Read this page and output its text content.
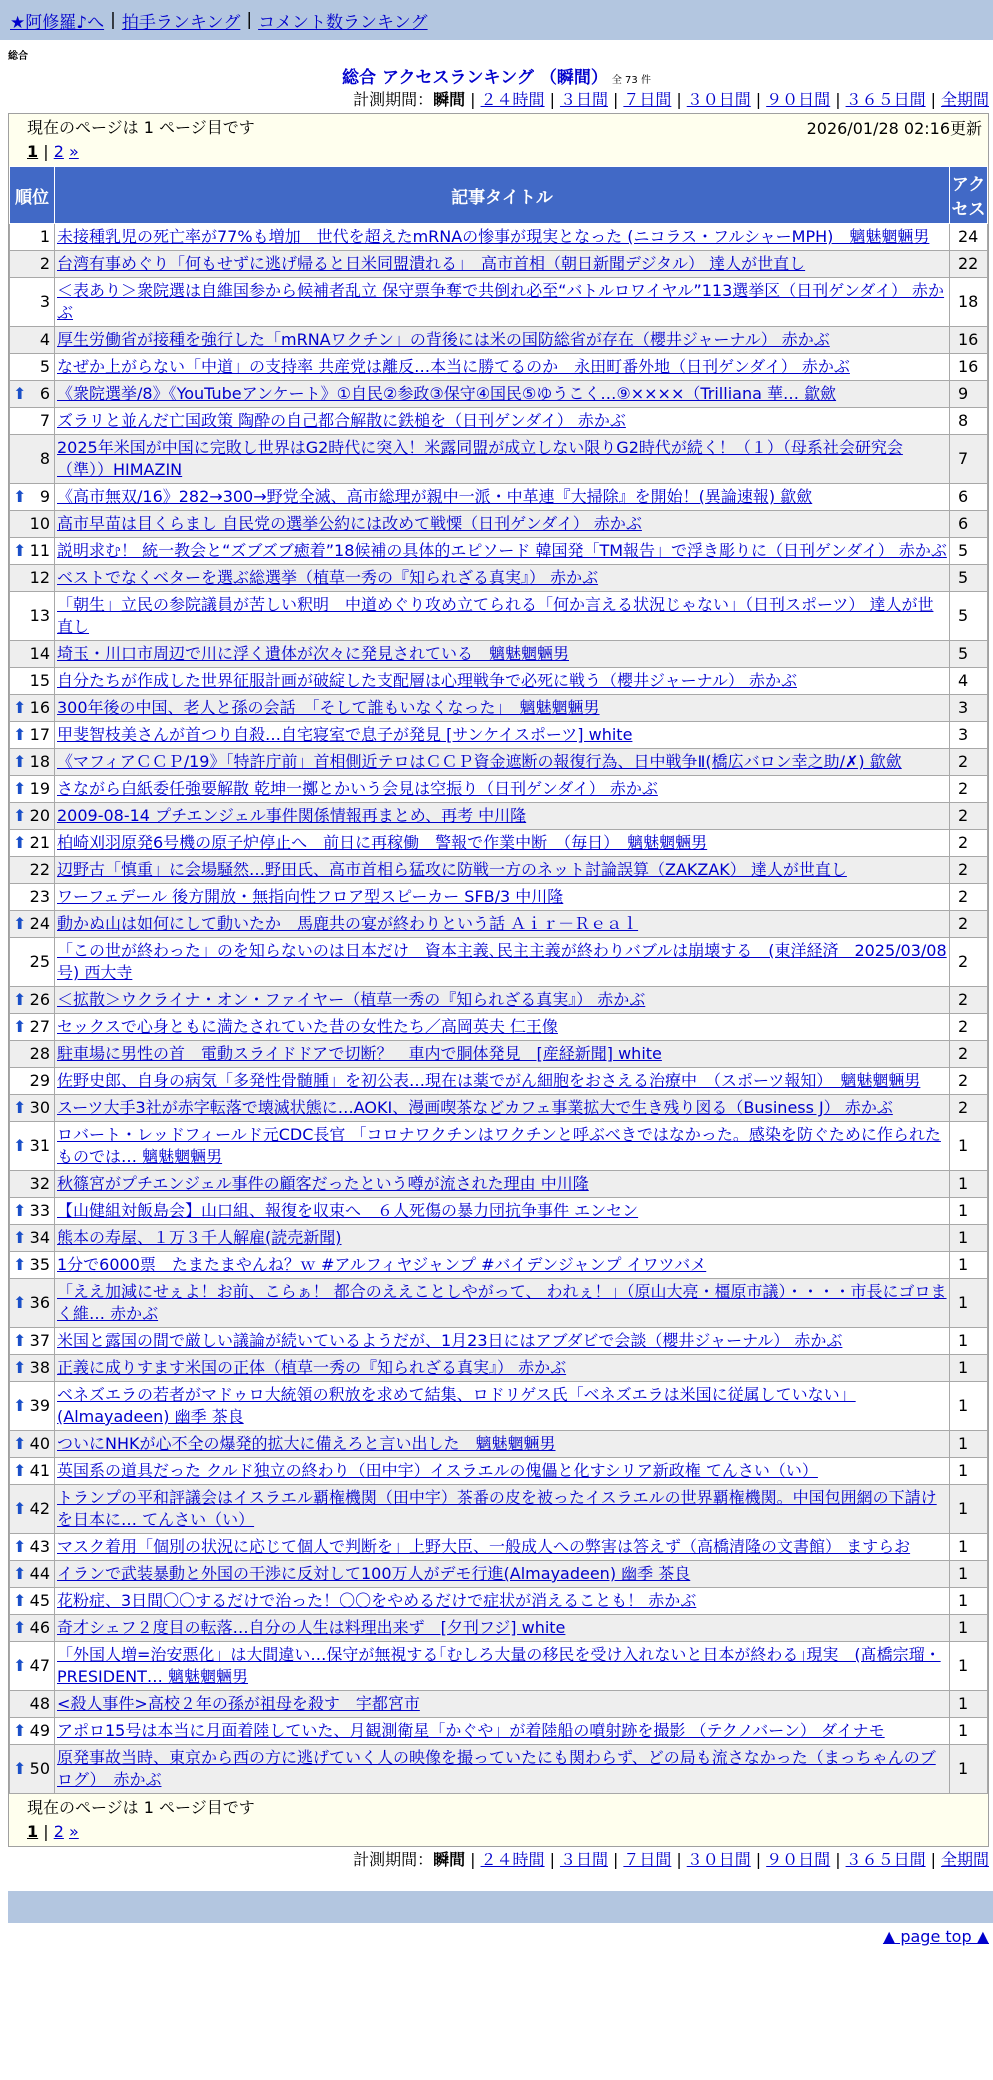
★阿修羅♪へ | 拍手ランキング | コメント数ランキング
総合
総合 アクセスランキング （瞬間） 全 73 件
計測期間：瞬間 | ２４時間 | ３日間 | ７日間 | ３０日間 | ９０日間 | ３６５日間 | 全期間
現在のページは 1 ページ目です	2026/01/28 02:16更新
1 | 2 »
順位	記事タイトル	アクセス
1	未接種乳児の死亡率が77%も増加　世代を超えたmRNAの惨事が現実となった (ニコラス・フルシャーMPH)　魑魅魍魎男	24
2	台湾有事めぐり「何もせずに逃げ帰ると日米同盟潰れる」　高市首相（朝日新聞デジタル） 達人が世直し	22
3	＜表あり＞衆院選は自維国参から候補者乱立 保守票争奪で共倒れ必至“バトルロワイヤル”113選挙区（日刊ゲンダイ） 赤かぶ	18
4	厚生労働省が接種を強行した「mRNAワクチン」の背後には米の国防総省が存在（櫻井ジャーナル） 赤かぶ	16
5	なぜか上がらない「中道」の支持率 共産党は離反…本当に勝てるのか　永田町番外地（日刊ゲンダイ） 赤かぶ	16

⬆ 6	《衆院選挙/8》《YouTubeアンケート》①自民②参政③保守④国民⑤ゆうこく…⑨××××（Trilliana 華… 歙歛	9
7	ズラリと並んだ亡国政策 陶酔の自己都合解散に鉄槌を（日刊ゲンダイ） 赤かぶ	8
8	2025年米国が中国に完敗し世界はG2時代に突入！米露同盟が成立しない限りG2時代が続く！（１）（母系社会研究会（準））HIMAZIN	7

⬆ 9	《高市無双/16》282→300→野党全滅、高市総理が親中一派・中革連『大掃除』を開始！(異論速報) 歙歛	6
10	高市早苗は目くらまし 自民党の選挙公約には改めて戦慄（日刊ゲンダイ） 赤かぶ	6

⬆ 11	説明求む！ 統一教会と“ズブズブ癒着”18候補の具体的エピソード 韓国発「TM報告」で浮き彫りに（日刊ゲンダイ） 赤かぶ	5
12	ベストでなくベターを選ぶ総選挙（植草一秀の『知られざる真実』） 赤かぶ	5
13	「朝生」立民の参院議員が苦しい釈明　中道めぐり攻め立てられる「何か言える状況じゃない」（日刊スポーツ） 達人が世直し	5
14	埼玉・川口市周辺で川に浮く遺体が次々に発見されている　魑魅魍魎男	5
15	自分たちが作成した世界征服計画が破綻した支配層は心理戦争で必死に戦う（櫻井ジャーナル） 赤かぶ	4

⬆ 16	300年後の中国、老人と孫の会話　「そして誰もいなくなった」　魑魅魍魎男	3

⬆ 17	甲斐智枝美さんが首つり自殺…自宅寝室で息子が発見 [サンケイスポーツ] white	3

⬆ 18	《マフィアＣＣＰ/19》「特許庁前」首相側近テロはＣＣＰ資金遮断の報復行為、日中戦争Ⅱ(橋広バロン幸之助/✗) 歙歛	2

⬆ 19	さながら白紙委任強要解散 乾坤一擲とかいう会見は空振り（日刊ゲンダイ） 赤かぶ	2

⬆ 20	2009-08-14 プチエンジェル事件関係情報再まとめ、再考 中川隆	2

⬆ 21	柏崎刈羽原発6号機の原子炉停止へ　前日に再稼働　警報で作業中断　（毎日）　魑魅魍魎男	2
22	辺野古「慎重」に会場騒然…野田氏、高市首相ら猛攻に防戦一方のネット討論誤算（ZAKZAK） 達人が世直し	2
23	ワーフェデール 後方開放・無指向性フロア型スピーカー SFB/3 中川隆	2

⬆ 24	動かぬ山は如何にして動いたか　馬鹿共の宴が終わりという話 Ａｉｒ－Ｒｅａｌ	2
25	「この世が終わった」のを知らないのは日本だけ　資本主義､民主主義が終わりバブルは崩壊する　(東洋経済　2025/03/08号) 西大寺	2

⬆ 26	＜拡散＞ウクライナ・オン・ファイヤー（植草一秀の『知られざる真実』） 赤かぶ	2

⬆ 27	セックスで心身ともに満たされていた昔の女性たち／高岡英夫 仁王像	2
28	駐車場に男性の首　電動スライドドアで切断？　車内で胴体発見　[産経新聞] white	2
29	佐野史郎、自身の病気「多発性骨髄腫」を初公表…現在は薬でがん細胞をおさえる治療中　（スポーツ報知）　魑魅魍魎男	2

⬆ 30	スーツ大手3社が赤字転落で壊滅状態に…AOKI、漫画喫茶などカフェ事業拡大で生き残り図る（Business J） 赤かぶ	2

⬆ 31	ロバート・レッドフィールド元CDC長官 「コロナワクチンはワクチンと呼ぶべきではなかった。感染を防ぐために作られたものでは… 魑魅魍魎男	1
32	秋篠宮がプチエンジェル事件の顧客だったという噂が流された理由 中川隆	1

⬆ 33	【山健組対飯島会】山口組、報復を収束へ　６人死傷の暴力団抗争事件 エンセン	1

⬆ 34	熊本の寿屋、１万３千人解雇(読売新聞)	1

⬆ 35	1分で6000票　たまたまやんね？ｗ #アルフィヤジャンプ #バイデンジャンプ イワツバメ	1

⬆ 36	「ええ加減にせぇよ！お前、こらぁ！ 都合のええことしやがって、 われぇ！」（原山大亮・橿原市議）・・・・市長にゴロまく維… 赤かぶ	1

⬆ 37	米国と露国の間で厳しい議論が続いているようだが、1月23日にはアブダビで会談（櫻井ジャーナル） 赤かぶ	1

⬆ 38	正義に成りすます米国の正体（植草一秀の『知られざる真実』） 赤かぶ	1

⬆ 39	ベネズエラの若者がマドゥロ大統領の釈放を求めて結集、ロドリゲス氏「ベネズエラは米国に従属していない」(Almayadeen) 幽季 茶良	1

⬆ 40	ついにNHKが心不全の爆発的拡大に備えろと言い出した　魑魅魍魎男	1

⬆ 41	英国系の道具だった クルド独立の終わり（田中宇）イスラエルの傀儡と化すシリア新政権 てんさい（い）	1

⬆ 42	トランプの平和評議会はイスラエル覇権機関（田中宇）茶番の皮を被ったイスラエルの世界覇権機関。中国包囲網の下請けを日本に… てんさい（い）	1

⬆ 43	マスク着用「個別の状況に応じて個人で判断を」上野大臣、一般成人への弊害は答えず（高橋清隆の文書館） ますらお	1

⬆ 44	イランで武装暴動と外国の干渉に反対して100万人がデモ行進(Almayadeen) 幽季 茶良	1

⬆ 45	花粉症、3日間〇〇するだけで治った！〇〇をやめるだけで症状が消えることも！ 赤かぶ	1

⬆ 46	奇才シェフ２度目の転落…自分の人生は料理出来ず　[夕刊フジ] white	1

⬆ 47	「外国人増=治安悪化」は大間違い…保守が無視する｢むしろ大量の移民を受け入れないと日本が終わる｣現実　(髙橋宗瑠・PRESIDENT… 魑魅魍魎男	1
48	<殺人事件>高校２年の孫が祖母を殺す　宇都宮市	1

⬆ 49	アポロ15号は本当に月面着陸していた、月観測衛星「かぐや」が着陸船の噴射跡を撮影 （テクノバーン） ダイナモ	1

⬆ 50	原発事故当時、東京から西の方に逃げていく人の映像を撮っていたにも関わらず、どの局も流さなかった（まっちゃんのブログ）　赤かぶ	1
現在のページは 1 ページ目です
1 | 2 »
計測期間：瞬間 | ２４時間 | ３日間 | ７日間 | ３０日間 | ９０日間 | ３６５日間 | 全期間
▲ page top ▲
